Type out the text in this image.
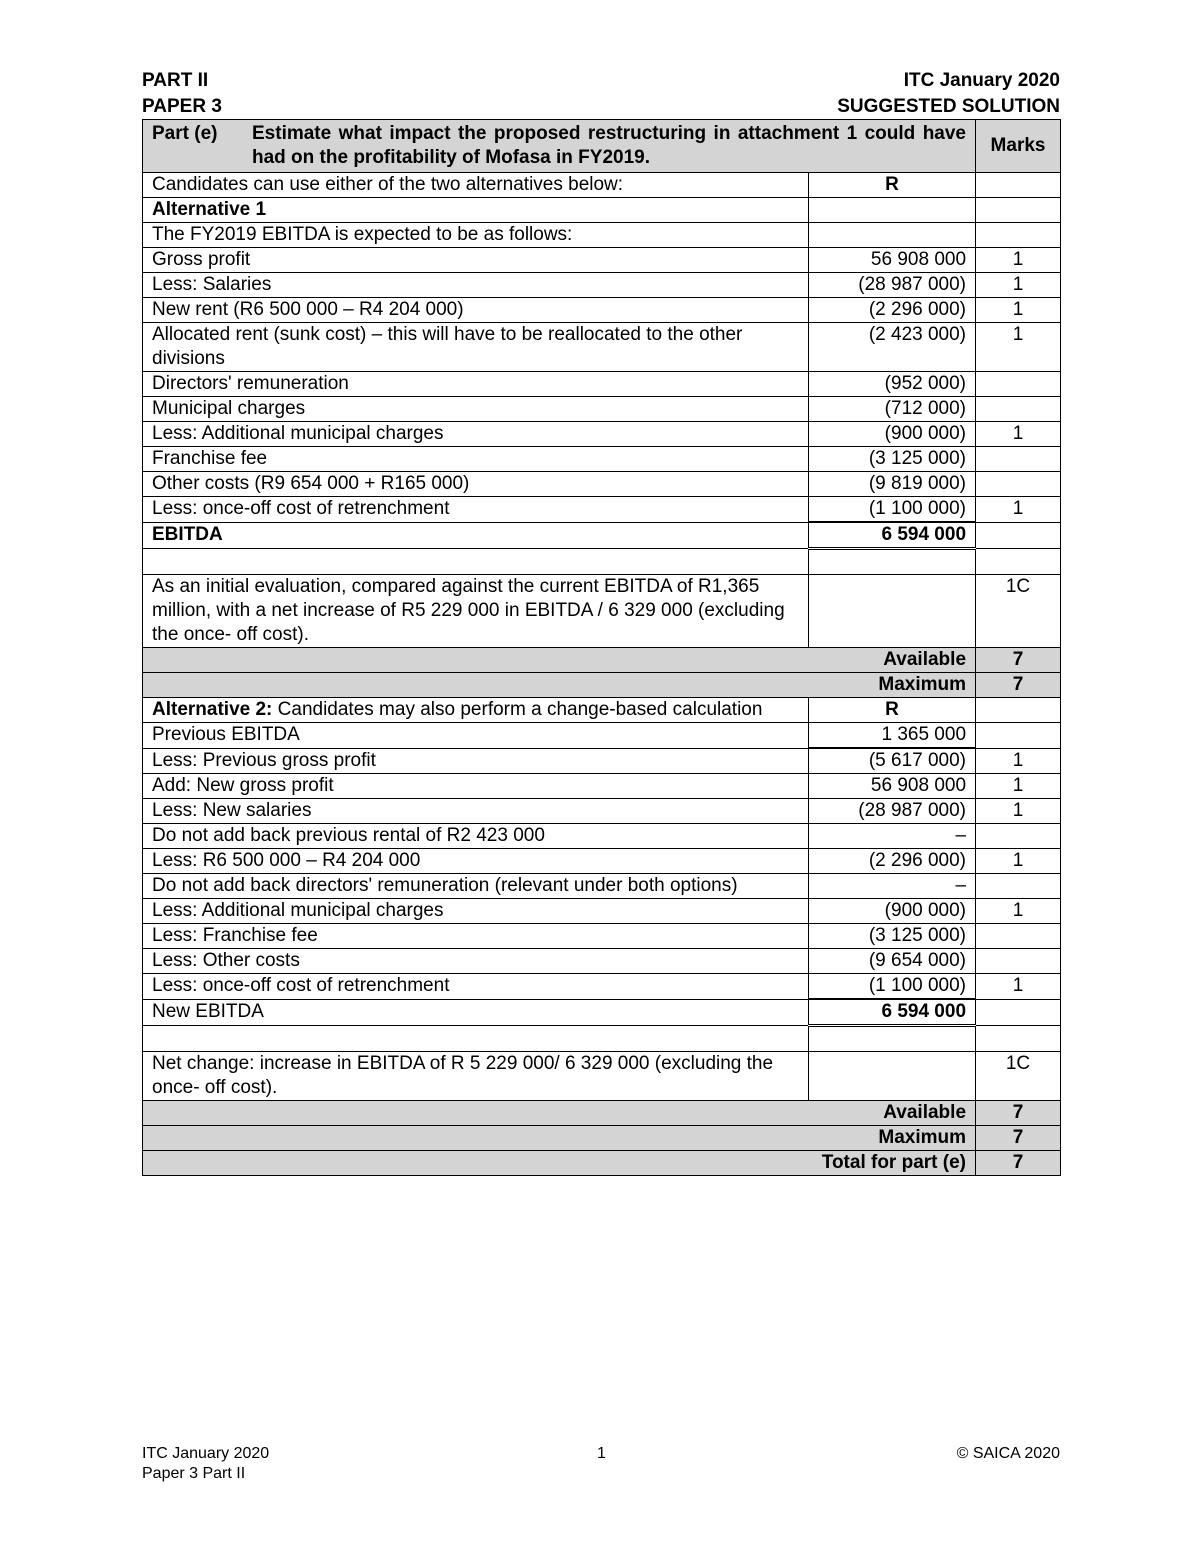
PART II	ITC January 2020
PAPER 3	SUGGESTED SOLUTION
Part (e) Estimate what impact the proposed restructuring in attachment 1 could have had on the profitability of Mofasa in FY2019.		Marks
Candidates can use either of the two alternatives below:	R	
Alternative 1		
The FY2019 EBITDA is expected to be as follows:		
Gross profit	56 908 000	1
Less: Salaries	(28 987 000)	1
New rent (R6 500 000 – R4 204 000)	(2 296 000)	1
Allocated rent (sunk cost) – this will have to be reallocated to the other divisions	(2 423 000)	1
Directors' remuneration	(952 000)	
Municipal charges	(712 000)	
Less: Additional municipal charges	(900 000)	1
Franchise fee	(3 125 000)	
Other costs (R9 654 000 + R165 000)	(9 819 000)	
Less: once-off cost of retrenchment	(1 100 000)	1
EBITDA	6 594 000	

As an initial evaluation, compared against the current EBITDA of R1,365 million, with a net increase of R5 229 000 in EBITDA / 6 329 000 (excluding the once- off cost).		1C
Available		7
Maximum		7
Alternative 2: Candidates may also perform a change-based calculation	R	
Previous EBITDA	1 365 000	
Less: Previous gross profit	(5 617 000)	1
Add: New gross profit	56 908 000	1
Less: New salaries	(28 987 000)	1
Do not add back previous rental of R2 423 000	–	
Less: R6 500 000 – R4 204 000	(2 296 000)	1
Do not add back directors' remuneration (relevant under both options)	–	
Less: Additional municipal charges	(900 000)	1
Less: Franchise fee	(3 125 000)	
Less: Other costs	(9 654 000)	
Less: once-off cost of retrenchment	(1 100 000)	1
New EBITDA	6 594 000	

Net change: increase in EBITDA of R 5 229 000/ 6 329 000 (excluding the once- off cost).		1C
Available		7
Maximum		7
Total for part (e)		7
ITC January 2020	1	© SAICA 2020
Paper 3 Part II
